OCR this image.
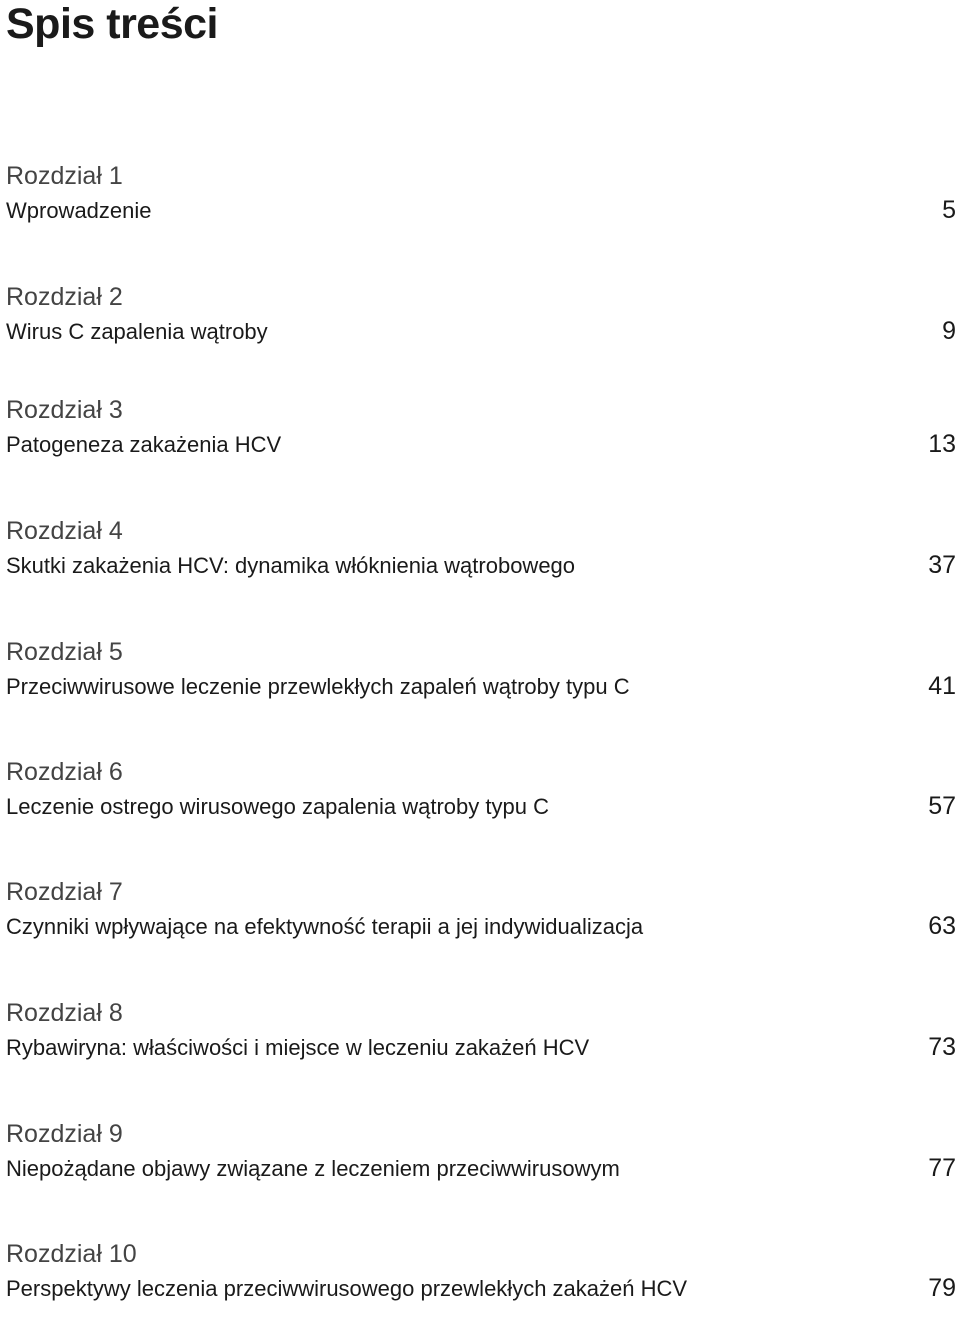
Spis treści
Rozdział 1
Wprowadzenie	5
Rozdział 2
Wirus C zapalenia wątroby	9
Rozdział 3
Patogeneza zakażenia HCV	13
Rozdział 4
Skutki zakażenia HCV: dynamika włóknienia wątrobowego	37
Rozdział 5
Przeciwwirusowe leczenie przewlekłych zapaleń wątroby typu C	41
Rozdział 6
Leczenie ostrego wirusowego zapalenia wątroby typu C	57
Rozdział 7
Czynniki wpływające na efektywność terapii a jej indywidualizacja	63
Rozdział 8
Rybawiryna: właściwości i miejsce w leczeniu zakażeń HCV	73
Rozdział 9
Niepożądane objawy związane z leczeniem przeciwwirusowym	77
Rozdział 10
Perspektywy leczenia przeciwwirusowego przewlekłych zakażeń HCV	79
